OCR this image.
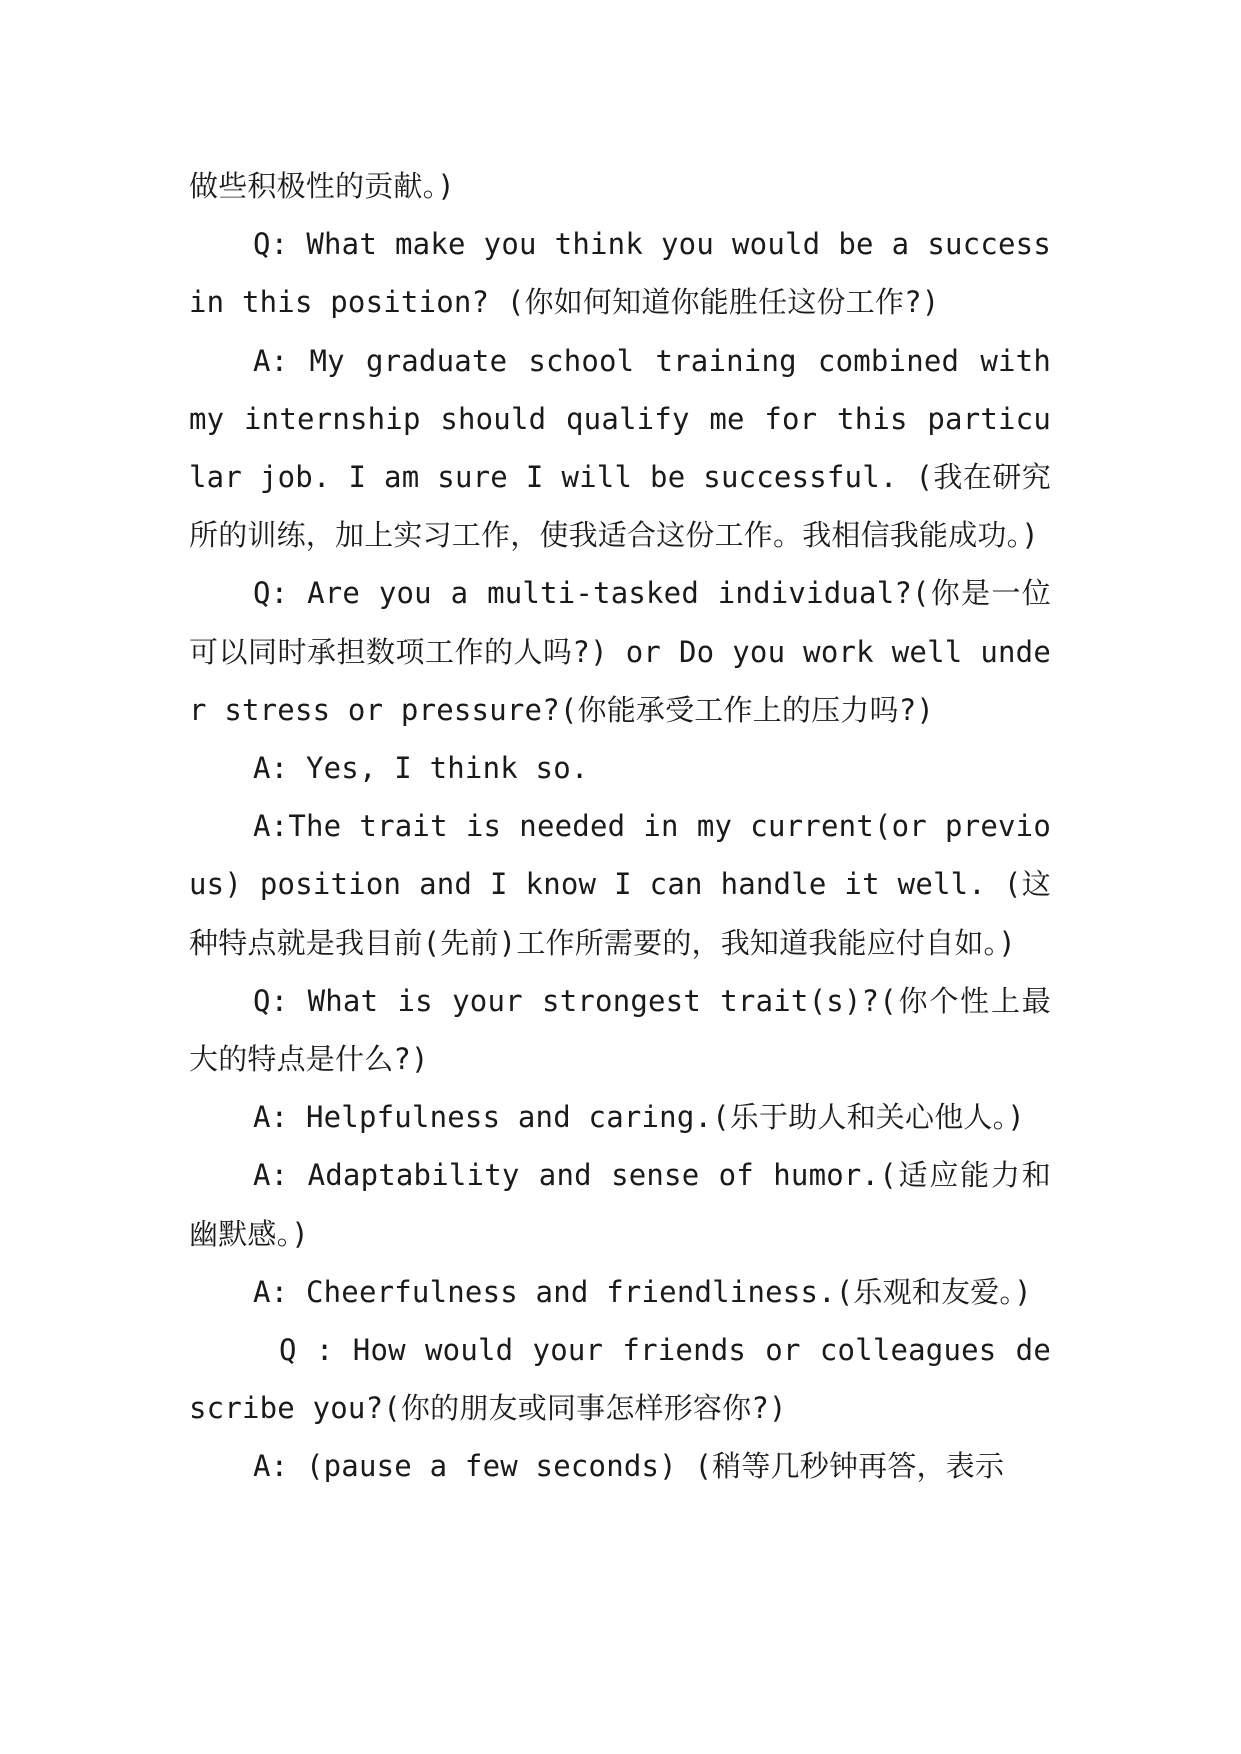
做些积极性的贡献。)

Q: What make you think you would be a success in this position? (你如何知道你能胜任这份工作?)

A: My graduate school training combined with my internship should qualify me for this particular job. I am sure I will be successful. (我在研究所的训练，加上实习工作，使我适合这份工作。我相信我能成功。)

Q: Are you a multi-tasked individual?(你是一位可以同时承担数项工作的人吗?) or Do you work well under stress or pressure?(你能承受工作上的压力吗?)

A: Yes, I think so.

A:The trait is needed in my current(or previous) position and I know I can handle it well. (这种特点就是我目前(先前)工作所需要的，我知道我能应付自如。)

Q: What is your strongest trait(s)?(你个性上最大的特点是什么?)

A: Helpfulness and caring.(乐于助人和关心他人。)

A: Adaptability and sense of humor.(适应能力和幽默感。)

A: Cheerfulness and friendliness.(乐观和友爱。)

Q : How would your friends or colleagues describe you?(你的朋友或同事怎样形容你?)

A: (pause a few seconds) (稍等几秒钟再答，表示
